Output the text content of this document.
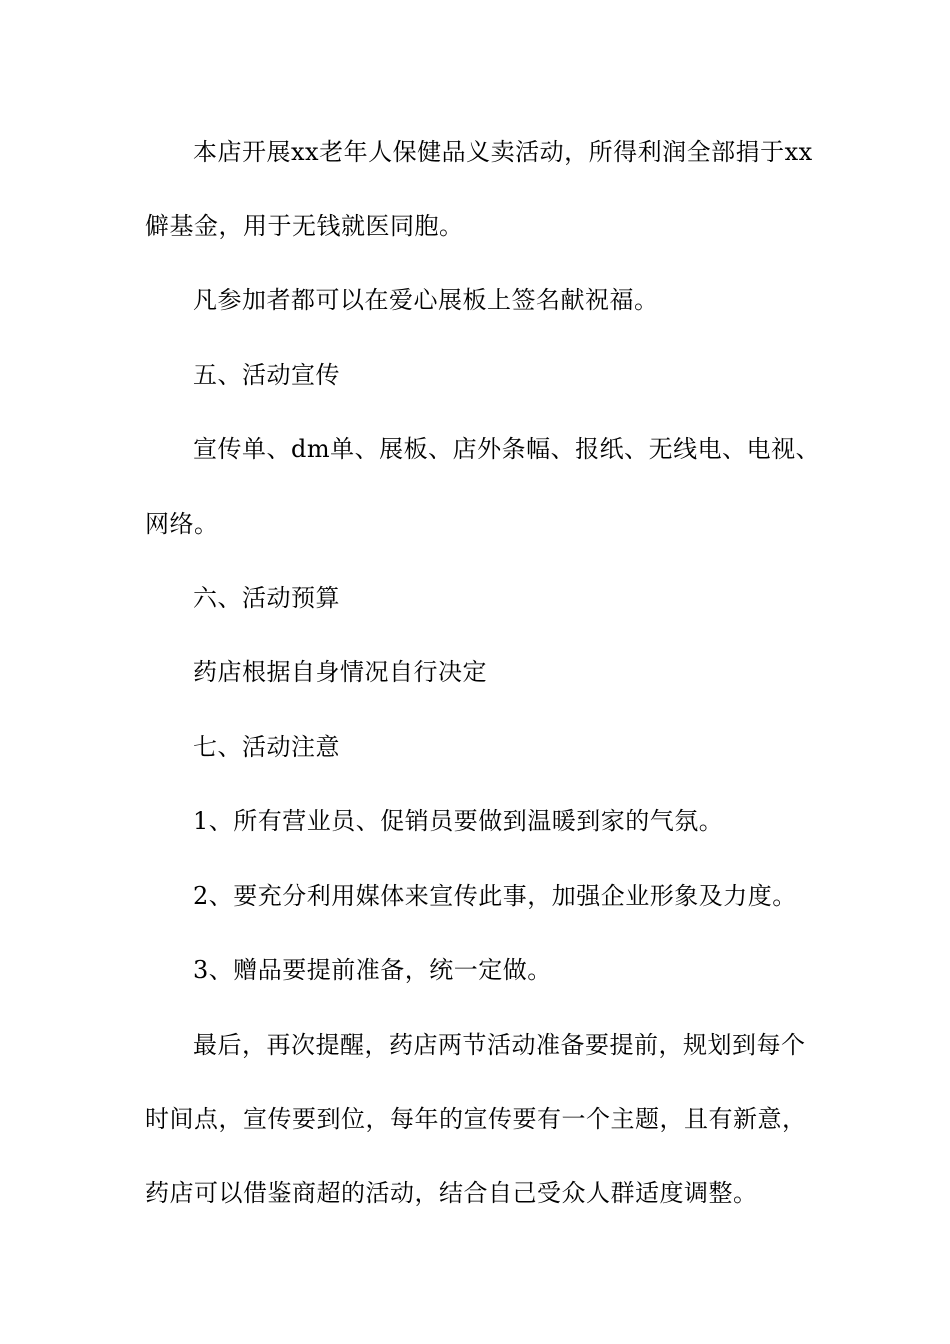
本店开展xx老年人保健品义卖活动，所得利润全部捐于xx
僻基金，用于无钱就医同胞。
凡参加者都可以在爱心展板上签名献祝福。
五、活动宣传
宣传单、dm单、展板、店外条幅、报纸、无线电、电视、
网络。
六、活动预算
药店根据自身情况自行决定
七、活动注意
1、所有营业员、促销员要做到温暖到家的气氛。
2、要充分利用媒体来宣传此事，加强企业形象及力度。
3、赠品要提前准备，统一定做。
最后，再次提醒，药店两节活动准备要提前，规划到每个
时间点，宣传要到位，每年的宣传要有一个主题，且有新意，
药店可以借鉴商超的活动，结合自己受众人群适度调整。
